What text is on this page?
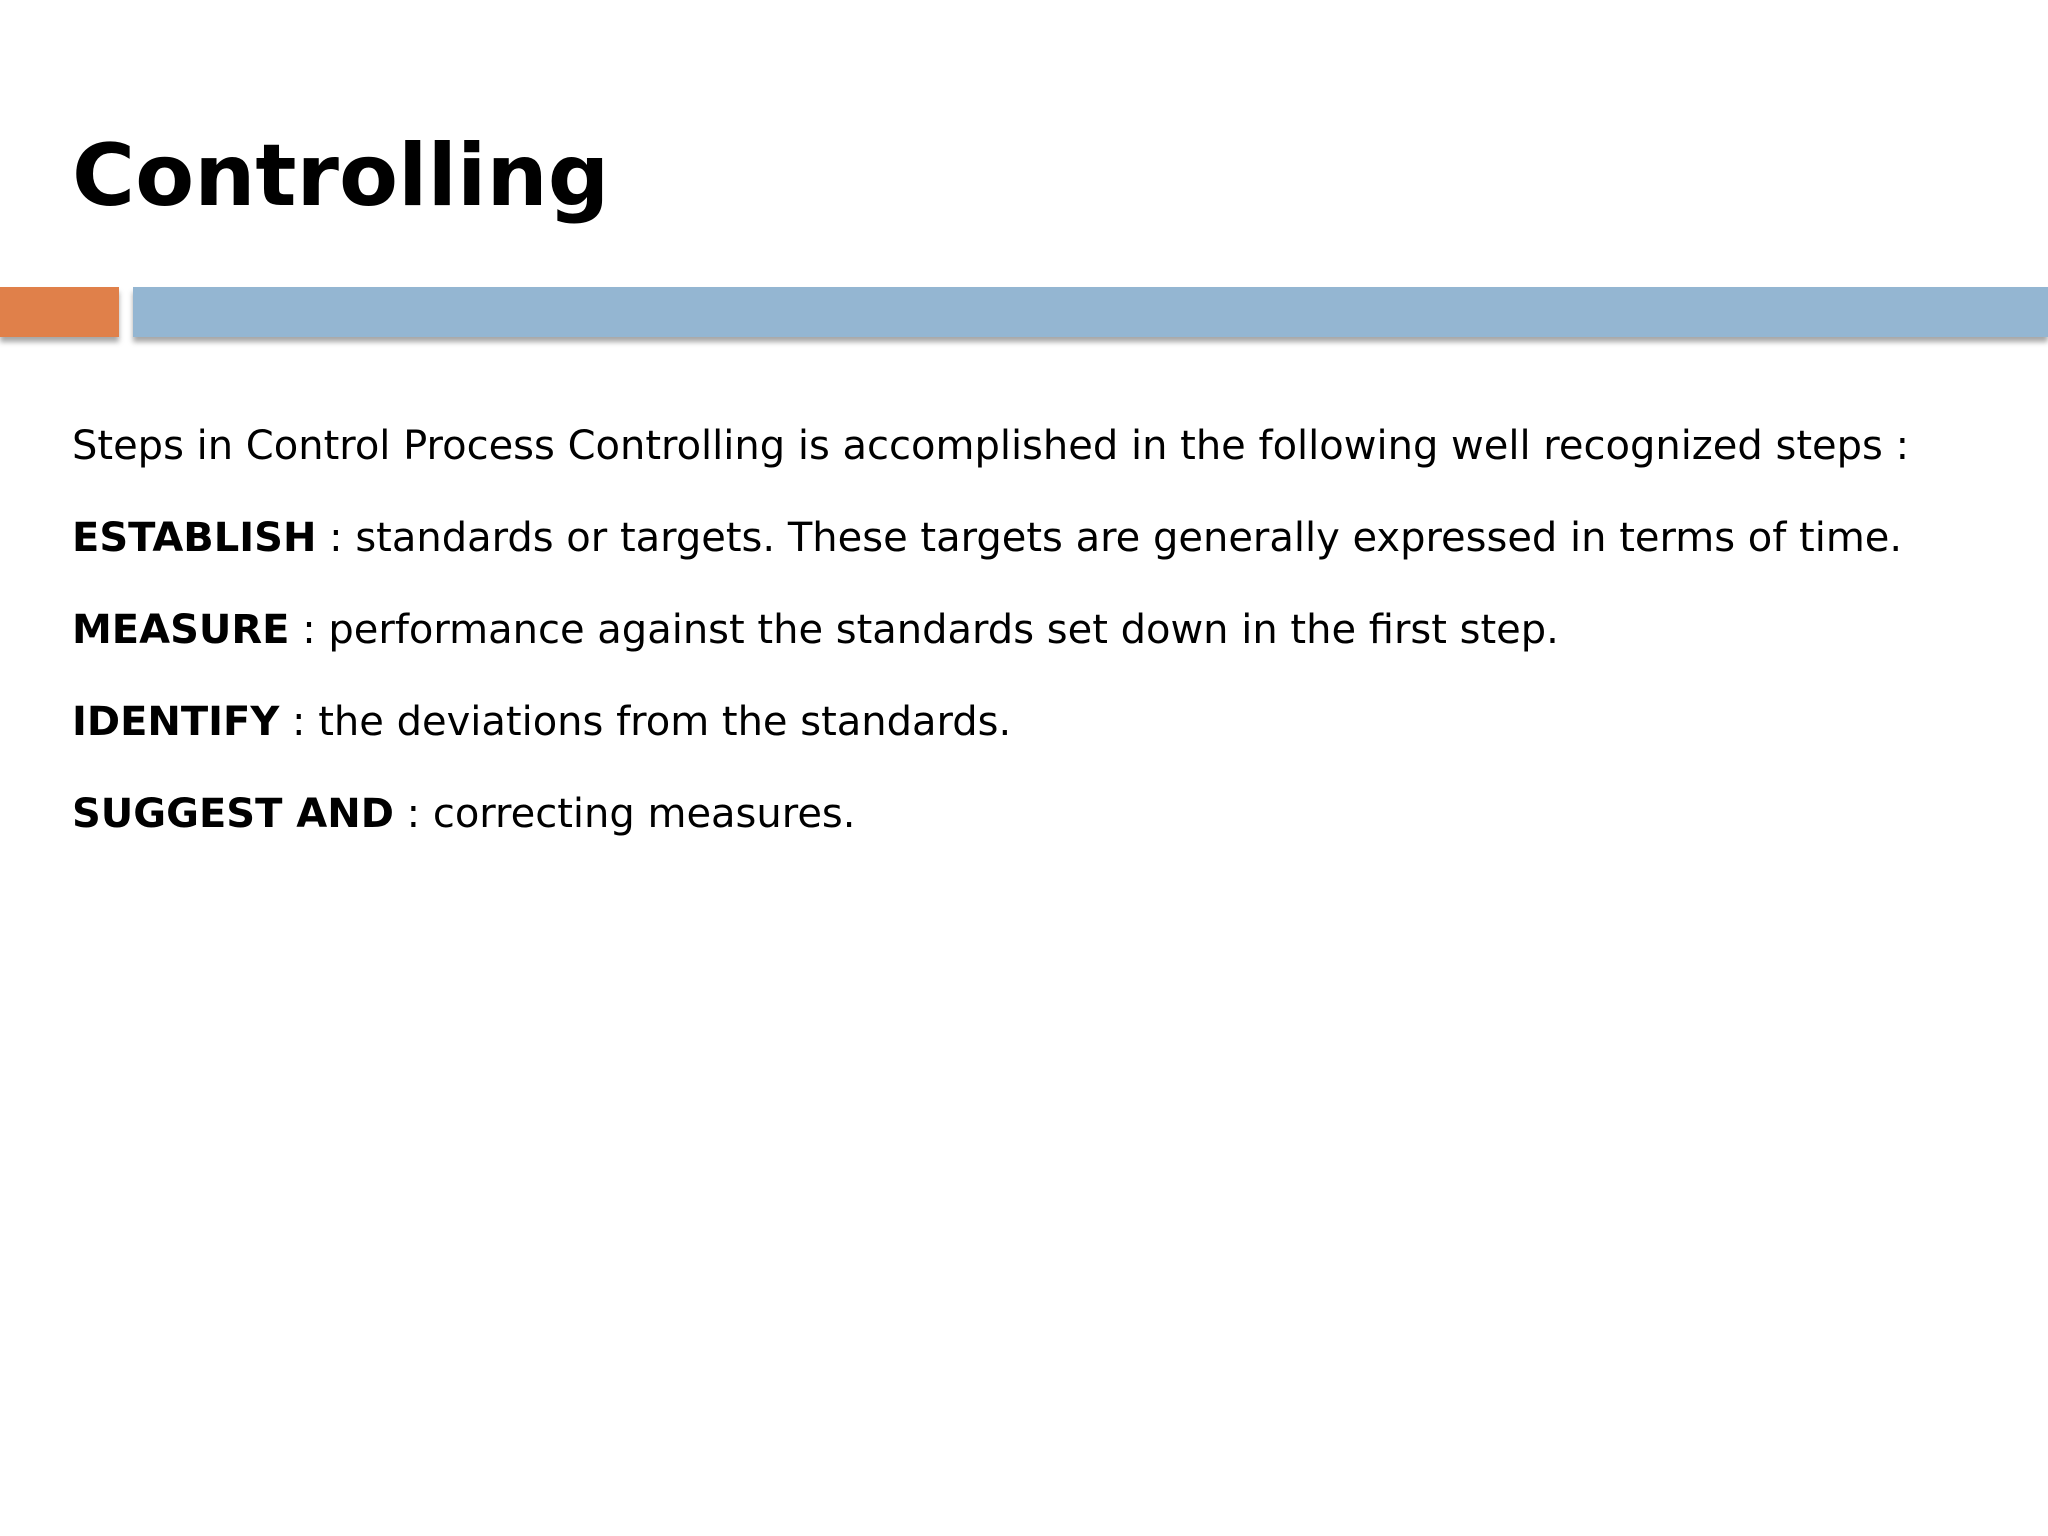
Controlling

Steps in Control Process Controlling is accomplished in the following well recognized steps :

ESTABLISH : standards or targets. These targets are generally expressed in terms of time.

MEASURE : performance against the standards set down in the first step.

IDENTIFY : the deviations from the standards.

SUGGEST AND : correcting measures.
